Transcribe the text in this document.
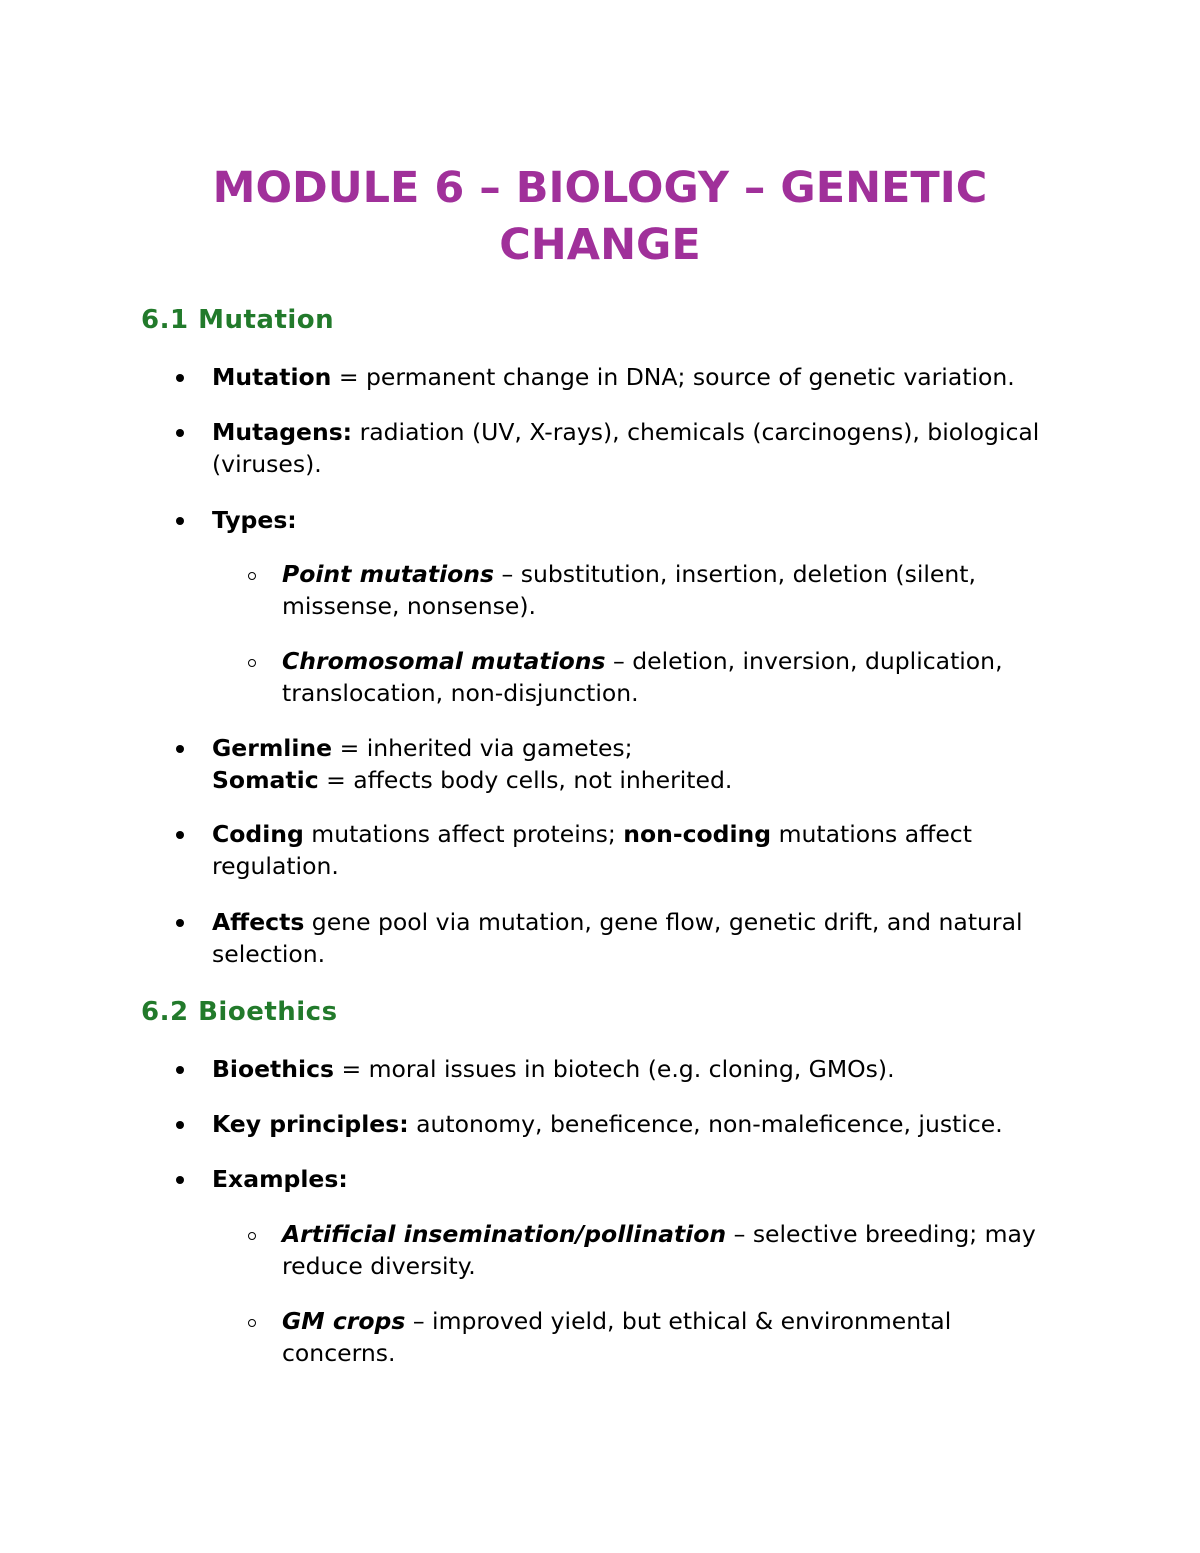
MODULE 6 – BIOLOGY – GENETIC
CHANGE
6.1 Mutation
Mutation = permanent change in DNA; source of genetic variation.
Mutagens: radiation (UV, X-rays), chemicals (carcinogens), biological
(viruses).
Types:
Point mutations – substitution, insertion, deletion (silent,
missense, nonsense).
Chromosomal mutations – deletion, inversion, duplication,
translocation, non-disjunction.
Germline = inherited via gametes;
Somatic = affects body cells, not inherited.
Coding mutations affect proteins; non-coding mutations affect
regulation.
Affects gene pool via mutation, gene flow, genetic drift, and natural
selection.
6.2 Bioethics
Bioethics = moral issues in biotech (e.g. cloning, GMOs).
Key principles: autonomy, beneficence, non-maleficence, justice.
Examples:
Artificial insemination/pollination – selective breeding; may
reduce diversity.
GM crops – improved yield, but ethical & environmental
concerns.
